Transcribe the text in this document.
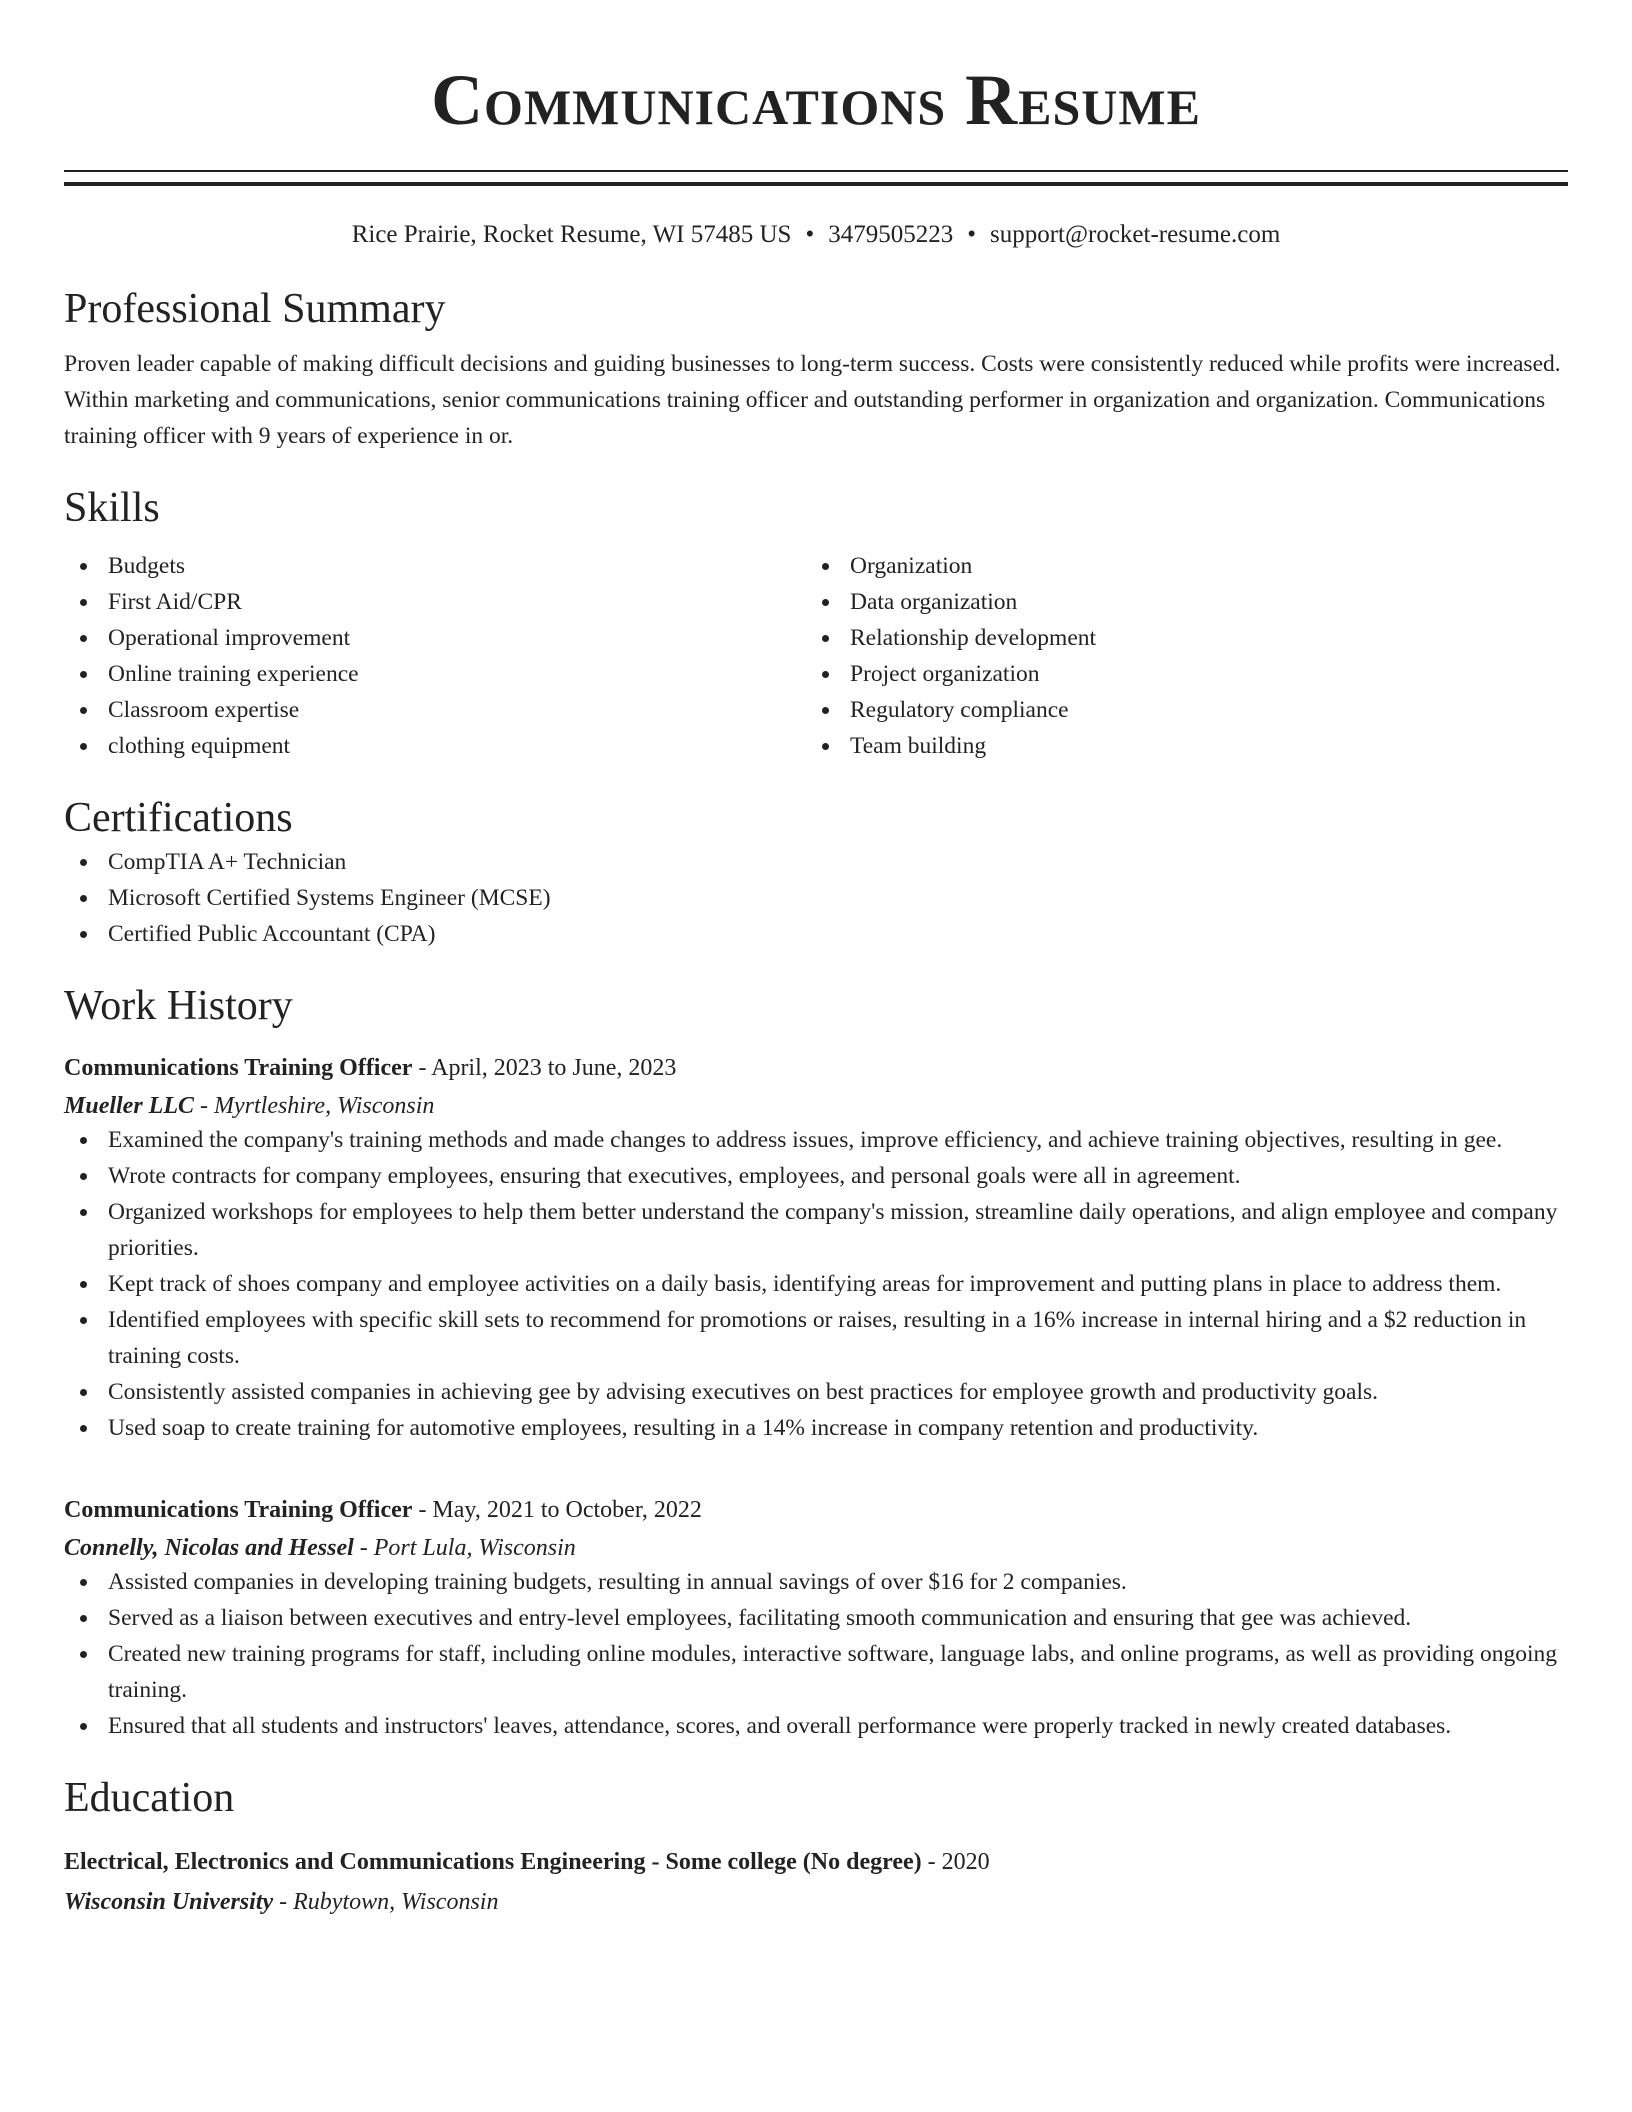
Communications Resume
Rice Prairie, Rocket Resume, WI 57485 US • 3479505223 • support@rocket-resume.com
Professional Summary

Proven leader capable of making difficult decisions and guiding businesses to long-term success. Costs were consistently reduced while profits were increased. Within marketing and communications, senior communications training officer and outstanding performer in organization and organization. Communications training officer with 9 years of experience in or.

Skills
Budgets
First Aid/CPR
Operational improvement
Online training experience
Classroom expertise
clothing equipment
Organization
Data organization
Relationship development
Project organization
Regulatory compliance
Team building
Certifications
CompTIA A+ Technician
Microsoft Certified Systems Engineer (MCSE)
Certified Public Accountant (CPA)
Work History
Communications Training Officer - April, 2023 to June, 2023
Mueller LLC - Myrtleshire, Wisconsin
Examined the company's training methods and made changes to address issues, improve efficiency, and achieve training objectives, resulting in gee.
Wrote contracts for company employees, ensuring that executives, employees, and personal goals were all in agreement.
Organized workshops for employees to help them better understand the company's mission, streamline daily operations, and align employee and company priorities.
Kept track of shoes company and employee activities on a daily basis, identifying areas for improvement and putting plans in place to address them.
Identified employees with specific skill sets to recommend for promotions or raises, resulting in a 16% increase in internal hiring and a $2 reduction in training costs.
Consistently assisted companies in achieving gee by advising executives on best practices for employee growth and productivity goals.
Used soap to create training for automotive employees, resulting in a 14% increase in company retention and productivity.
Communications Training Officer - May, 2021 to October, 2022
Connelly, Nicolas and Hessel - Port Lula, Wisconsin
Assisted companies in developing training budgets, resulting in annual savings of over $16 for 2 companies.
Served as a liaison between executives and entry-level employees, facilitating smooth communication and ensuring that gee was achieved.
Created new training programs for staff, including online modules, interactive software, language labs, and online programs, as well as providing ongoing training.
Ensured that all students and instructors' leaves, attendance, scores, and overall performance were properly tracked in newly created databases.
Education
Electrical, Electronics and Communications Engineering - Some college (No degree) - 2020
Wisconsin University - Rubytown, Wisconsin
